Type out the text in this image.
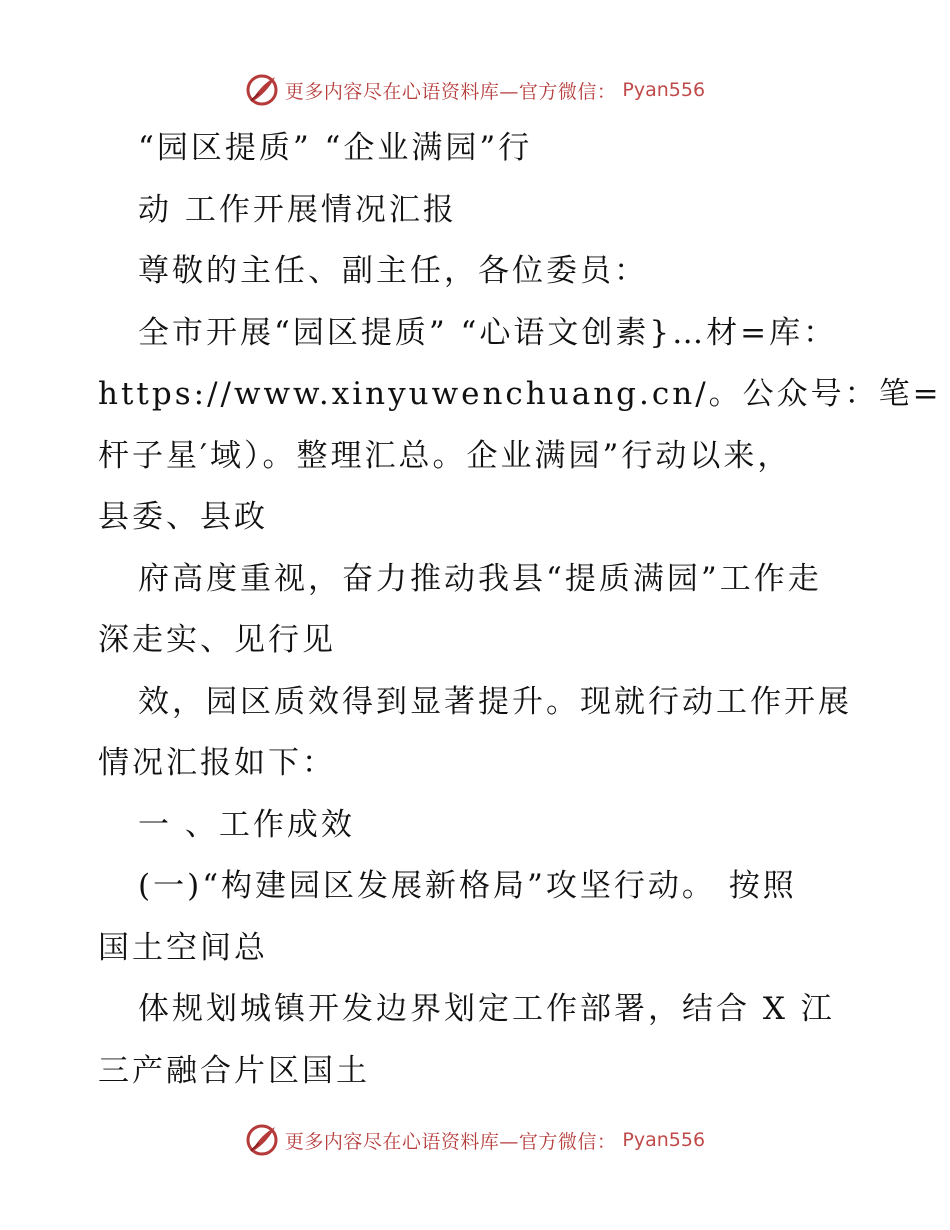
更多内容尽在心语资料库—官方微信： Pyan556
“园区提质” “企业满园”行
动 工作开展情况汇报
尊敬的主任、副主任，各位委员：
全市开展“园区提质” “心语文创素}…材=库：
https://www.xinyuwenchuang.cn/。公众号：笔=
杆子星′域）。整理汇总。企业满园”行动以来，
县委、县政
府高度重视，奋力推动我县“提质满园”工作走
深走实、见行见
效，园区质效得到显著提升。现就行动工作开展
情况汇报如下：
一 、工作成效
(一)“构建园区发展新格局”攻坚行动。 按照
国土空间总
体规划城镇开发边界划定工作部署，结合 X 江
三产融合片区国土
更多内容尽在心语资料库—官方微信： Pyan556
